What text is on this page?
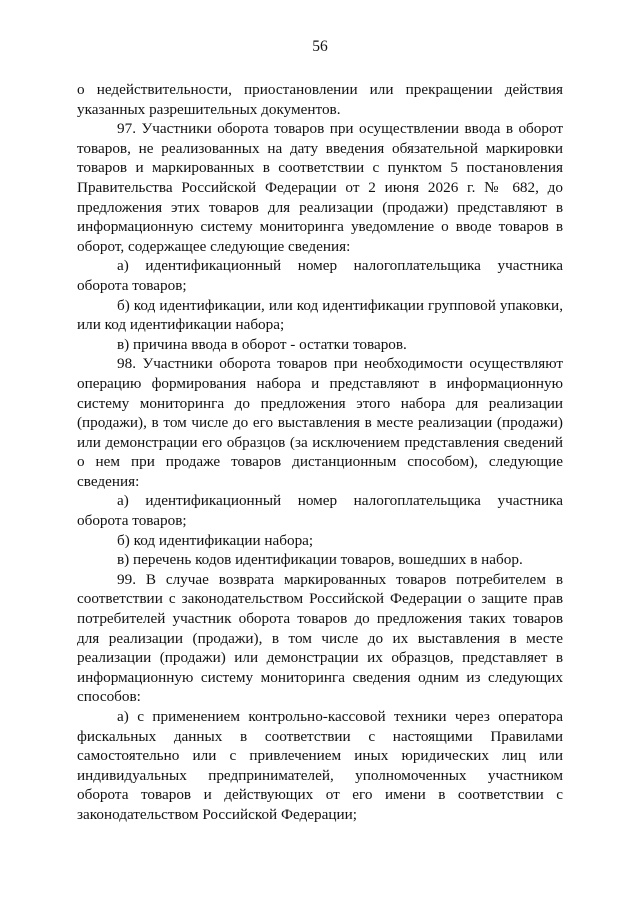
56

о недействительности, приостановлении или прекращении действия указанных разрешительных документов.

97. Участники оборота товаров при осуществлении ввода в оборот товаров, не реализованных на дату введения обязательной маркировки товаров и маркированных в соответствии с пунктом 5 постановления Правительства Российской Федерации от 2 июня 2026 г. № 682, до предложения этих товаров для реализации (продажи) представляют в информационную систему мониторинга уведомление о вводе товаров в оборот, содержащее следующие сведения:

а) идентификационный номер налогоплательщика участника оборота товаров;

б) код идентификации, или код идентификации групповой упаковки, или код идентификации набора;

в) причина ввода в оборот - остатки товаров.

98. Участники оборота товаров при необходимости осуществляют операцию формирования набора и представляют в информационную систему мониторинга до предложения этого набора для реализации (продажи), в том числе до его выставления в месте реализации (продажи) или демонстрации его образцов (за исключением представления сведений о нем при продаже товаров дистанционным способом), следующие сведения:

а) идентификационный номер налогоплательщика участника оборота товаров;

б) код идентификации набора;

в) перечень кодов идентификации товаров, вошедших в набор.

99. В случае возврата маркированных товаров потребителем в соответствии с законодательством Российской Федерации о защите прав потребителей участник оборота товаров до предложения таких товаров для реализации (продажи), в том числе до их выставления в месте реализации (продажи) или демонстрации их образцов, представляет в информационную систему мониторинга сведения одним из следующих способов:

а) с применением контрольно-кассовой техники через оператора фискальных данных в соответствии с настоящими Правилами самостоятельно или с привлечением иных юридических лиц или индивидуальных предпринимателей, уполномоченных участником оборота товаров и действующих от его имени в соответствии с законодательством Российской Федерации;
